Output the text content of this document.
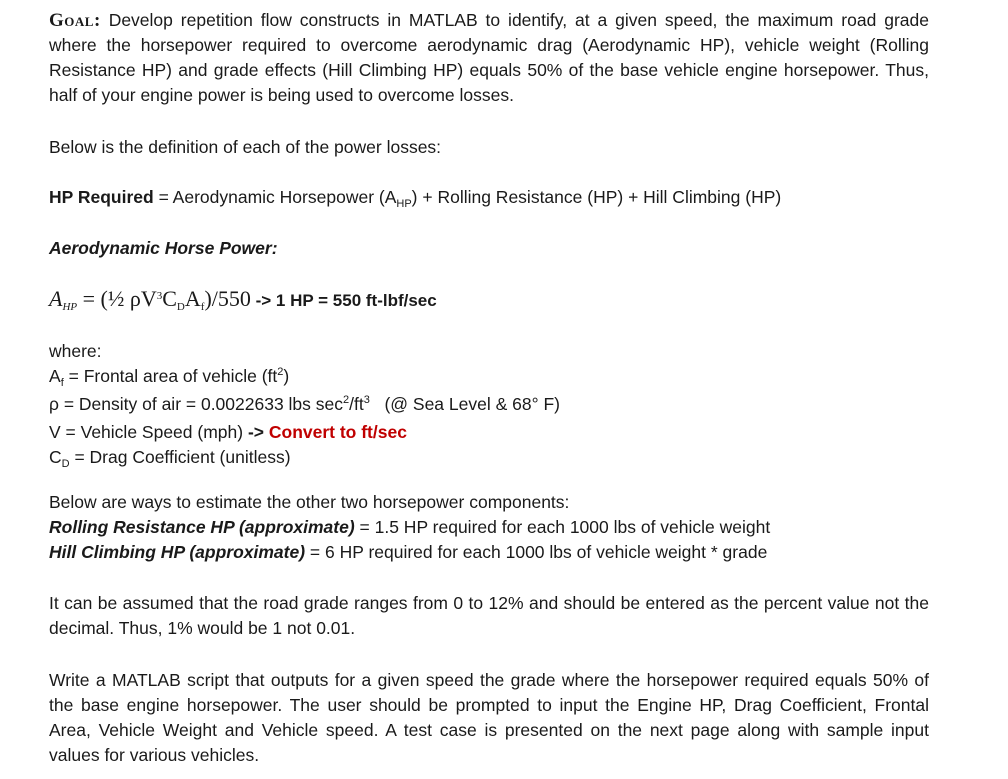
Goal: Develop repetition flow constructs in MATLAB to identify, at a given speed, the maximum road grade where the horsepower required to overcome aerodynamic drag (Aerodynamic HP), vehicle weight (Rolling Resistance HP) and grade effects (Hill Climbing HP) equals 50% of the base vehicle engine horsepower. Thus, half of your engine power is being used to overcome losses.
Below is the definition of each of the power losses:
HP Required = Aerodynamic Horsepower $(A_{HP})$ + Rolling Resistance (HP) + Hill Climbing (HP)
Aerodynamic Horse Power:
AHP = (½ $\rho V^3CDAf)/550 -> 1$ HP = 550 ft-lbf/sec
where:
$A_f$ = Frontal area of vehicle $(ft^2)$
ρ = Density of air = 0.0022633 lbs $\sec^2/ft^3$   (@ Sea Level & 68° F)
V = Vehicle Speed (mph) -> Convert to ft/sec
$C_D$ = Drag Coefficient (unitless)
Below are ways to estimate the other two horsepower components:
Rolling Resistance HP (approximate) = 1.5 HP required for each 1000 lbs of vehicle weight
Hill Climbing HP (approximate) = 6 HP required for each 1000 lbs of vehicle weight * grade
It can be assumed that the road grade ranges from 0 to 12% and should be entered as the percent value not the decimal. Thus, 1% would be 1 not 0.01.
Write a MATLAB script that outputs for a given speed the grade where the horsepower required equals 50% of the base engine horsepower. The user should be prompted to input the Engine HP, Drag Coefficient, Frontal Area, Vehicle Weight and Vehicle speed. A test case is presented on the next page along with sample input values for various vehicles.
